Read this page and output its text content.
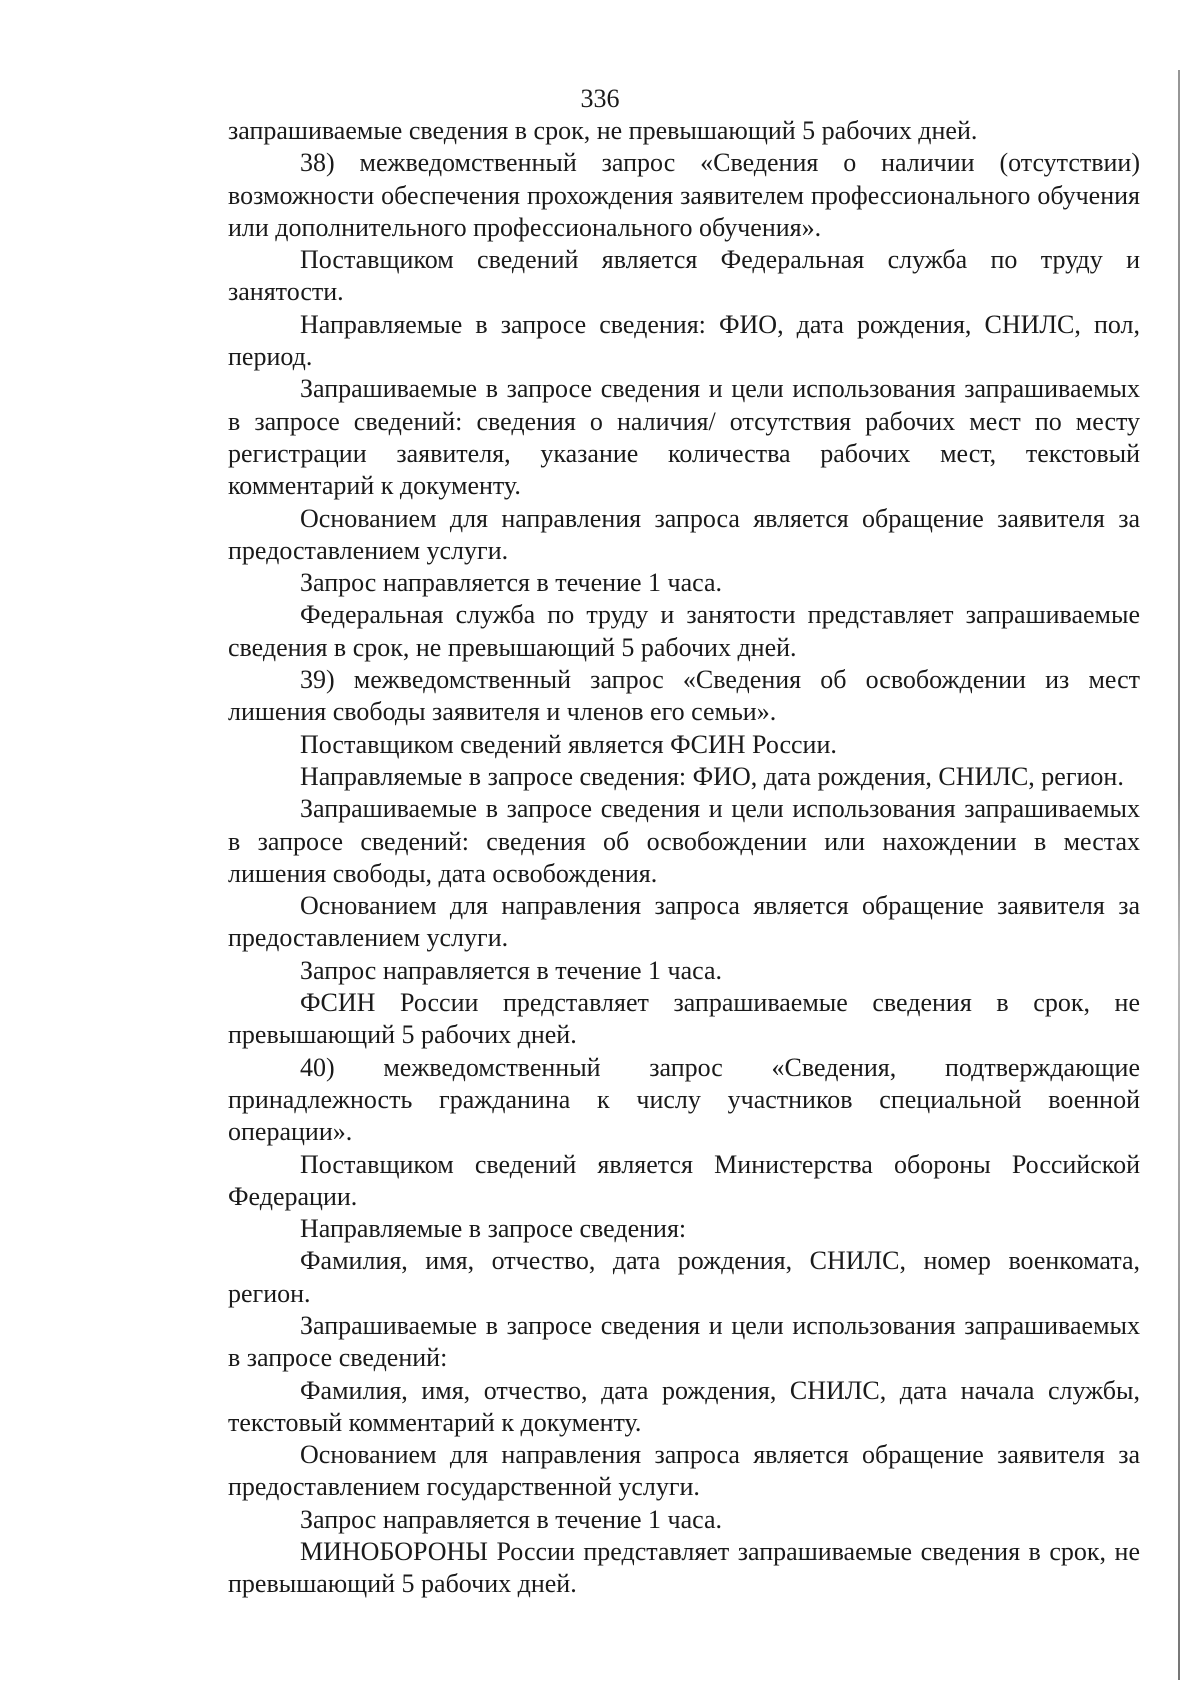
336

запрашиваемые сведения в срок, не превышающий 5 рабочих дней.

38) межведомственный запрос «Сведения о наличии (отсутствии) возможности обеспечения прохождения заявителем профессионального обучения или дополнительного профессионального обучения».

Поставщиком сведений является Федеральная служба по труду и занятости.

Направляемые в запросе сведения: ФИО, дата рождения, СНИЛС, пол, период.

Запрашиваемые в запросе сведения и цели использования запрашиваемых в запросе сведений: сведения о наличия/ отсутствия рабочих мест по месту регистрации заявителя, указание количества рабочих мест, текстовый комментарий к документу.

Основанием для направления запроса является обращение заявителя за предоставлением услуги.

Запрос направляется в течение 1 часа.

Федеральная служба по труду и занятости представляет запрашиваемые сведения в срок, не превышающий 5 рабочих дней.

39) межведомственный запрос «Сведения об освобождении из мест лишения свободы заявителя и членов его семьи».

Поставщиком сведений является ФСИН России.

Направляемые в запросе сведения: ФИО, дата рождения, СНИЛС, регион.

Запрашиваемые в запросе сведения и цели использования запрашиваемых в запросе сведений: сведения об освобождении или нахождении в местах лишения свободы, дата освобождения.

Основанием для направления запроса является обращение заявителя за предоставлением услуги.

Запрос направляется в течение 1 часа.

ФСИН России представляет запрашиваемые сведения в срок, не превышающий 5 рабочих дней.

40) межведомственный запрос «Сведения, подтверждающие принадлежность гражданина к числу участников специальной военной операции».

Поставщиком сведений является Министерства обороны Российской Федерации.

Направляемые в запросе сведения:

Фамилия, имя, отчество, дата рождения, СНИЛС, номер военкомата, регион.

Запрашиваемые в запросе сведения и цели использования запрашиваемых в запросе сведений:

Фамилия, имя, отчество, дата рождения, СНИЛС, дата начала службы, текстовый комментарий к документу.

Основанием для направления запроса является обращение заявителя за предоставлением государственной услуги.

Запрос направляется в течение 1 часа.

МИНОБОРОНЫ России представляет запрашиваемые сведения в срок, не превышающий 5 рабочих дней.
